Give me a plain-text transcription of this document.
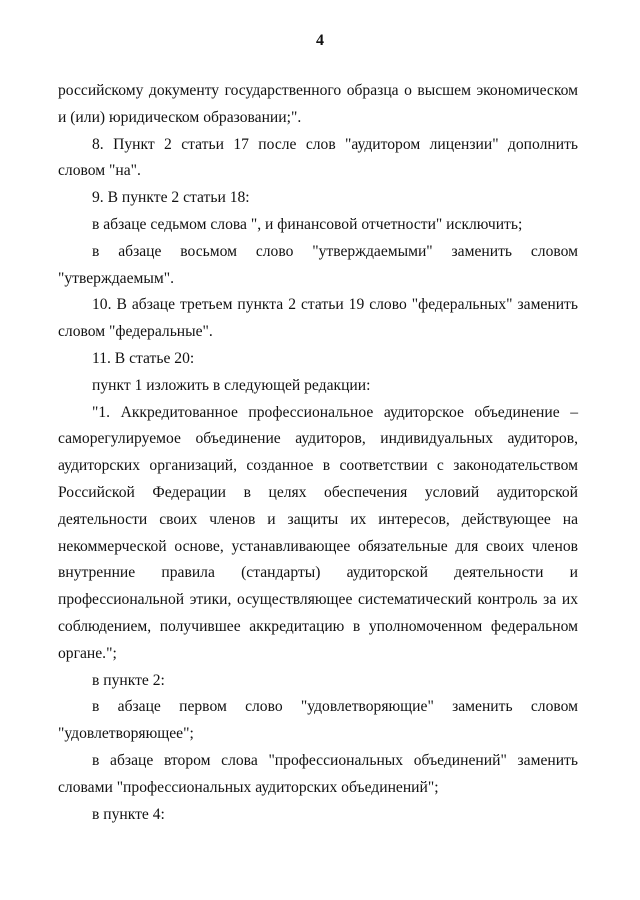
4

российскому документу государственного образца о высшем экономическом и (или) юридическом образовании;".

8. Пункт 2 статьи 17 после слов "аудитором лицензии" дополнить словом "на".

9. В пункте 2 статьи 18:

в абзаце седьмом слова ", и финансовой отчетности" исключить;

в абзаце восьмом слово "утверждаемыми" заменить словом "утверждаемым".

10. В абзаце третьем пункта 2 статьи 19 слово "федеральных" заменить словом "федеральные".

11. В статье 20:

пункт 1 изложить в следующей редакции:

"1. Аккредитованное профессиональное аудиторское объединение – саморегулируемое объединение аудиторов, индивидуальных аудиторов, аудиторских организаций, созданное в соответствии с законодательством Российской Федерации в целях обеспечения условий аудиторской деятельности своих членов и защиты их интересов, действующее на некоммерческой основе, устанавливающее обязательные для своих членов внутренние правила (стандарты) аудиторской деятельности и профессиональной этики, осуществляющее систематический контроль за их соблюдением, получившее аккредитацию в уполномоченном федеральном органе.";

в пункте 2:

в абзаце первом слово "удовлетворяющие" заменить словом "удовлетворяющее";

в абзаце втором слова "профессиональных объединений" заменить словами "профессиональных аудиторских объединений";

в пункте 4:
